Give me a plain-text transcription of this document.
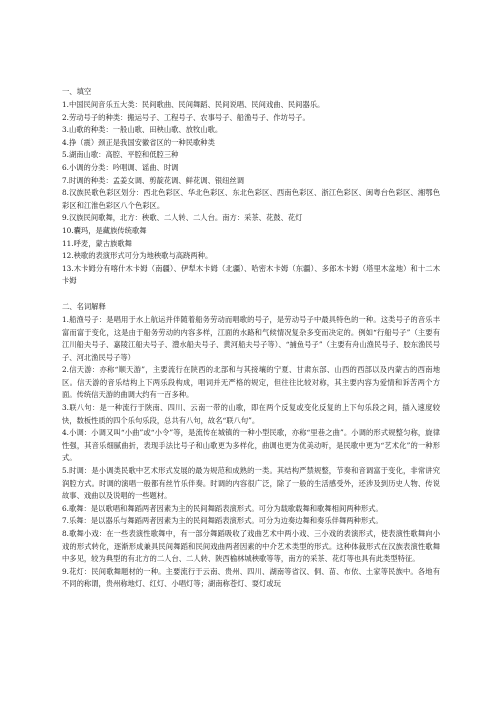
一、填空

1.中国民间音乐五大类：民间歌曲、民间舞蹈、民间说唱、民间戏曲、民间器乐。

2.劳动号子的种类：搬运号子、工程号子、农事号子、船渔号子、作坊号子。

3.山歌的种类：一般山歌、田秧山歌、放牧山歌。

4.挣（震）颈正是我国安徽省区的一种民歌种类

5.湖南山歌：高腔、平腔和低腔三种

6.小调的分类：吟唱调、谣曲、时调

7.时调的种类：孟姜女调、剪靛花调、鲜花调、银纽丝调

8.汉族民歌色彩区划分：西北色彩区、华北色彩区、东北色彩区、西南色彩区、浙江色彩区、闽粤台色彩区、湘鄂色彩区和江淮色彩区八个色彩区。

9.汉族民间歌舞，北方：秧歌、二人转、二人台。南方：采茶、花鼓、花灯

10.囊玛，是藏族传统歌舞

11.呼麦，蒙古族歌舞

12.秧歌的表演形式可分为地秧歌与高跷两种。

13.木卡姆分有喀什木卡姆（南疆）、伊犁木卡姆（北疆）、哈密木卡姆（东疆）、多郎木卡姆（塔里木盆地）和十二木卡姆

二、名词解释

1.船渔号子：是唱用于水上航运并伴随着船务劳动而唱歌的号子，是劳动号子中最具特色的一种。这类号子的音乐丰富而富于变化，这是由于船务劳动的内容多样，江面的水路和气候情况复杂多变而决定的。例如“行船号子”（主要有江川船夫号子、嘉陵江船夫号子、澧水船夫号子、黄河船夫号子等）、“捕鱼号子”（主要有舟山渔民号子、胶东渔民号子、河北渔民号子等）

2.信天游：亦称“顺天游”，主要流行在陕西的北部和与其接壤的宁夏、甘肃东部、山西的西部以及内蒙古的西南地区。信天游的音乐结构上下两乐段构成，唱词并无严格的规定，但往往比较对称，其主要内容为爱情和诉苦两个方面。传统信天游的曲调大约有一百多种。

3.联八句：是一种流行于陕南、四川、云南一带的山歌，即在两个反复或变化反复的上下句乐段之间，插入速度较快，数板性质的四个乐句乐段，总共有八句，故名“联八句”。

4.小调：小调又叫“小曲”或“小令”等，是流传在城镇的一种小型民歌，亦称“里巷之曲”。小调的形式规整匀称，旋律性强，其音乐细腻曲折，表现手法比号子和山歌更为多样化，曲调也更为优美动听，是民歌中更为“艺术化”的一种形式。

5.时调：是小调类民歌中艺术形式发展的最为规范和成熟的一类。其结构严禁规整，节奏和音调富于变化，非常讲究润腔方式。时调的演唱一般都有丝竹乐伴奏。时调的内容很广泛，除了一般的生活感受外，还涉及到历史人物、传说故事、戏曲以及说唱的一些题材。

6.歌舞：是以歌唱和舞蹈两者因素为主的民间舞蹈表演形式。可分为载歌载舞和歌舞相间两种形式。

7.乐舞：是以器乐与舞蹈两者因素为主的民间舞蹈表演形式。可分为边奏边舞和奏乐伴舞两种形式。

8.歌舞小戏：在一些表演性歌舞中，有一部分舞蹈吸收了戏曲艺术中两小戏、三小戏的表演形式，使表演性歌舞向小戏的形式转化，逐渐形成兼具民间舞蹈和民间戏曲两者因素的中介艺术类型的形式。这种体裁形式在汉族表演性歌舞中多见，较为典型的有北方的二人台、二人转、陕西榆林城秧歌等等，南方的采茶、花灯等也具有此类型特征。

9.花灯：民间歌舞题材的一种。主要流行于云南、贵州、四川、湖南等省汉、侗、苗、布依、土家等民族中。各地有不同的称谓，贵州称地灯、红灯、小唱灯等；湖南称苍灯、耍灯或玩
